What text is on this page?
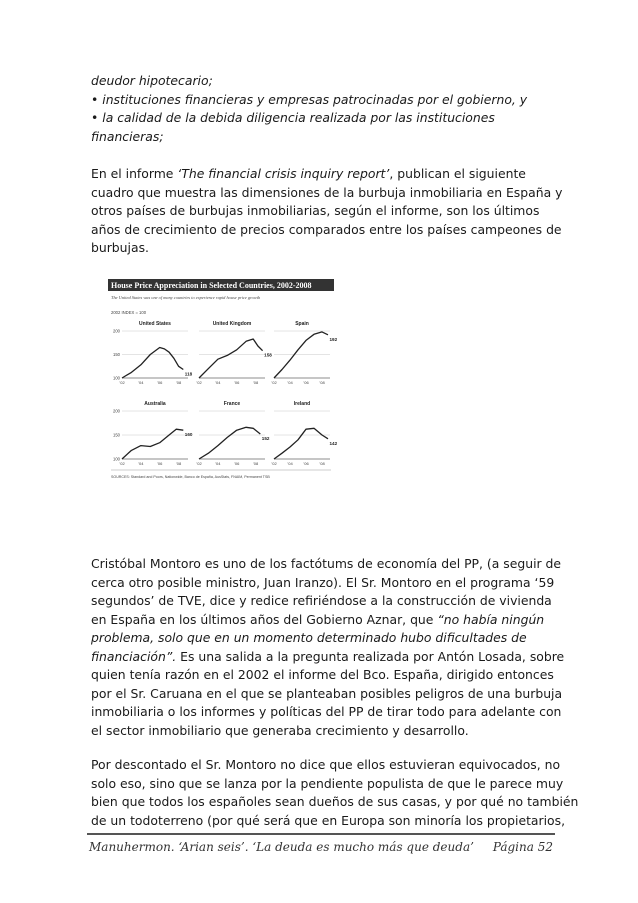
deudor hipotecario;
• instituciones financieras y empresas patrocinadas por el gobierno, y
• la calidad de la debida diligencia realizada por las instituciones
financieras;
En el informe ‘The financial crisis inquiry report’, publican el siguiente
cuadro que muestra las dimensiones de la burbuja inmobiliaria en España y
otros países de burbujas inmobiliarias, según el informe, son los últimos
años de crecimiento de precios comparados entre los países campeones de
burbujas.
House Price Appreciation in Selected Countries, 2002-2008
The United States was one of many countries to experience rapid house price growth
2002 INDEX = 100
United States
100
150
200
’02	’04	’06	’08
118
United Kingdom
’02	’04	’06	’08
158
Spain
’02	’04	’06	’08
192
Australia
100
150
200
’02	’04	’06	’08
160
France
’02	’04	’06	’08
152
Ireland
’02	’04	’06	’08
142
SOURCES: Standard and Poors, Nationwide, Banco de España, AusStats, FNAIM, Permanent TSB
Cristóbal Montoro es uno de los factótums de economía del PP, (a seguir de
cerca otro posible ministro, Juan Iranzo). El Sr. Montoro en el programa ‘59
segundos’ de TVE, dice y redice refiriéndose a la construcción de vivienda
en España en los últimos años del Gobierno Aznar, que “no había ningún
problema, solo que en un momento determinado hubo dificultades de
financiación”. Es una salida a la pregunta realizada por Antón Losada, sobre
quien tenía razón en el 2002 el informe del Bco. España, dirigido entonces
por el Sr. Caruana en el que se planteaban posibles peligros de una burbuja
inmobiliaria o los informes y políticas del PP de tirar todo para adelante con
el sector inmobiliario que generaba crecimiento y desarrollo.
Por descontado el Sr. Montoro no dice que ellos estuvieran equivocados, no
solo eso, sino que se lanza por la pendiente populista de que le parece muy
bien que todos los españoles sean dueños de sus casas, y por qué no también
de un todoterreno (por qué será que en Europa son minoría los propietarios,
Manuhermon. ‘Arian seis’. ‘La deuda es mucho más que deuda’ Página 52
